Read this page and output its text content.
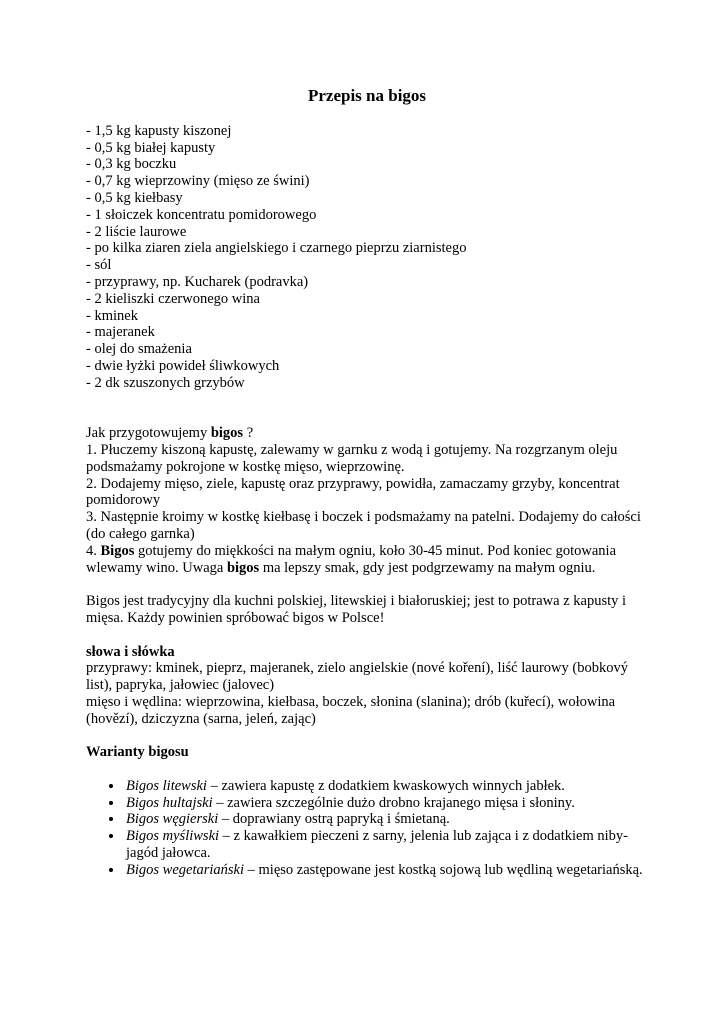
Przepis na bigos

- 1,5 kg kapusty kiszonej

- 0,5 kg białej kapusty

- 0,3 kg boczku

- 0,7 kg wieprzowiny (mięso ze świni)

- 0,5 kg kiełbasy

- 1 słoiczek koncentratu pomidorowego

- 2 liście laurowe

- po kilka ziaren ziela angielskiego i czarnego pieprzu ziarnistego

- sól

- przyprawy, np. Kucharek (podravka)

- 2 kieliszki czerwonego wina

- kminek

- majeranek

- olej do smażenia

- dwie łyżki powideł śliwkowych

- 2 dk szuszonych grzybów

Jak przygotowujemy bigos ?

1. Płuczemy kiszoną kapustę, zalewamy w garnku z wodą i gotujemy. Na rozgrzanym oleju podsmażamy pokrojone w kostkę mięso, wieprzowinę.

2. Dodajemy mięso, ziele, kapustę oraz przyprawy, powidła, zamaczamy grzyby, koncentrat pomidorowy

3. Następnie kroimy w kostkę kiełbasę i boczek i podsmażamy na patelni. Dodajemy do całości (do całego garnka)

4. Bigos gotujemy do miękkości na małym ogniu, koło 30-45 minut. Pod koniec gotowania wlewamy wino. Uwaga bigos ma lepszy smak, gdy jest podgrzewamy na małym ogniu.

Bigos jest tradycyjny dla kuchni polskiej, litewskiej i białoruskiej; jest to potrawa z kapusty i mięsa. Każdy powinien spróbować bigos w Polsce!

słowa i słówka

przyprawy: kminek, pieprz, majeranek, zielo angielskie (nové koření), liść laurowy (bobkový list), papryka, jałowiec (jalovec)

mięso i wędlina: wieprzowina, kiełbasa, boczek, słonina (slanina); drób (kuřecí), wołowina (hovězí), dziczyzna (sarna, jeleń, zając)

Warianty bigosu

• Bigos litewski – zawiera kapustę z dodatkiem kwaskowych winnych jabłek.
• Bigos hultajski – zawiera szczególnie dużo drobno krajanego mięsa i słoniny.
• Bigos węgierski – doprawiany ostrą papryką i śmietaną.
• Bigos myśliwski – z kawałkiem pieczeni z sarny, jelenia lub zająca i z dodatkiem niby-jagód jałowca.
• Bigos wegetariański – mięso zastępowane jest kostką sojową lub wędliną wegetariańską.
